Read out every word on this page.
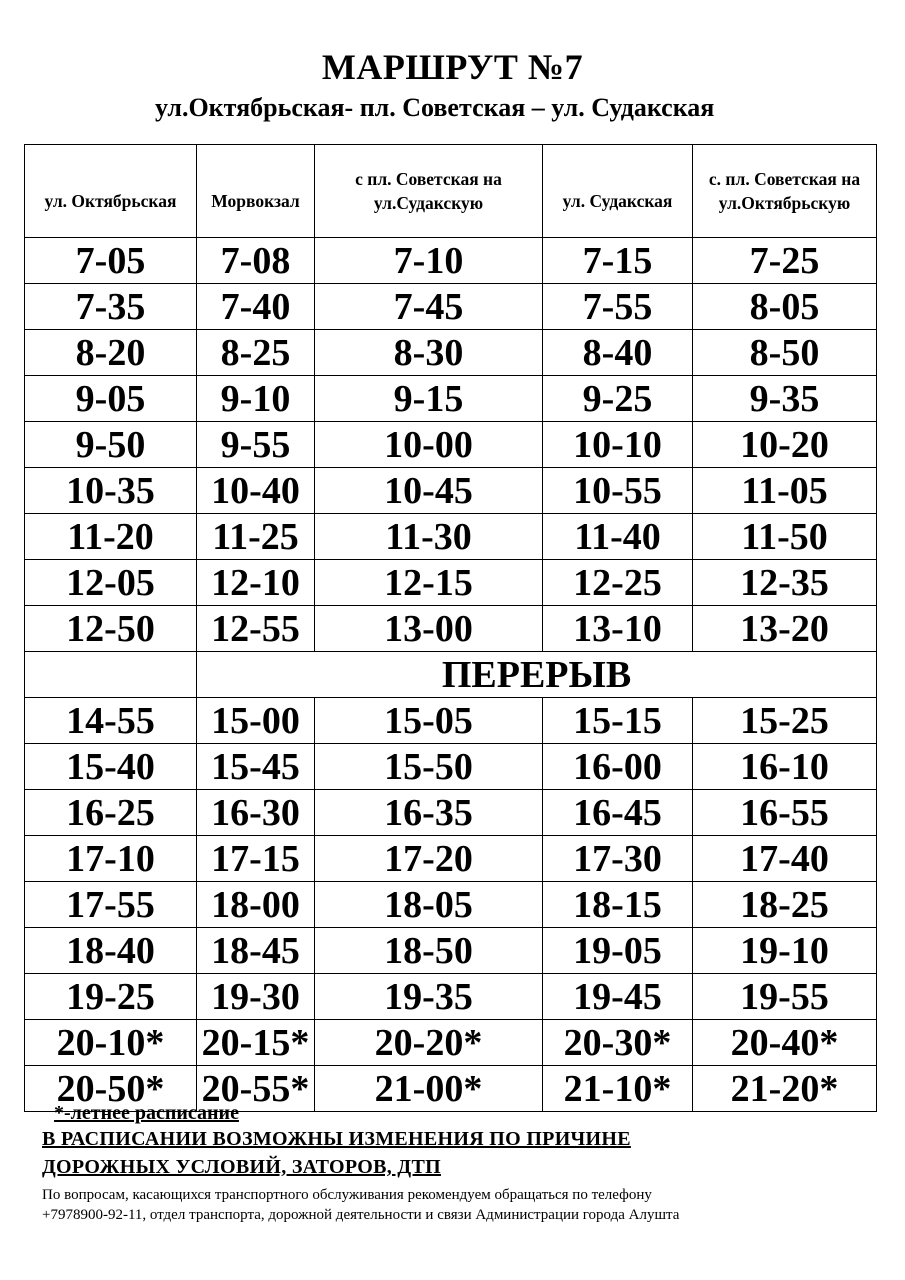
МАРШРУТ №7
ул.Октябрьская- пл. Советская – ул. Судакская
ул. Октябрьская	Морвокзал	с пл. Советская на ул.Судакскую	ул. Судакская	с. пл. Советская на ул.Октябрьскую
7-05	7-08	7-10	7-15	7-25
7-35	7-40	7-45	7-55	8-05
8-20	8-25	8-30	8-40	8-50
9-05	9-10	9-15	9-25	9-35
9-50	9-55	10-00	10-10	10-20
10-35	10-40	10-45	10-55	11-05
11-20	11-25	11-30	11-40	11-50
12-05	12-10	12-15	12-25	12-35
12-50	12-55	13-00	13-10	13-20
	ПЕРЕРЫВ			
14-55	15-00	15-05	15-15	15-25
15-40	15-45	15-50	16-00	16-10
16-25	16-30	16-35	16-45	16-55
17-10	17-15	17-20	17-30	17-40
17-55	18-00	18-05	18-15	18-25
18-40	18-45	18-50	19-05	19-10
19-25	19-30	19-35	19-45	19-55
20-10*	20-15*	20-20*	20-30*	20-40*
20-50*	20-55*	21-00*	21-10*	21-20*
*-летнее расписание
В РАСПИСАНИИ ВОЗМОЖНЫ ИЗМЕНЕНИЯ ПО ПРИЧИНЕ
ДОРОЖНЫХ УСЛОВИЙ, ЗАТОРОВ, ДТП
По вопросам, касающихся транспортного обслуживания рекомендуем обращаться по телефону
+7978900-92-11, отдел транспорта, дорожной деятельности и связи Администрации города Алушта
